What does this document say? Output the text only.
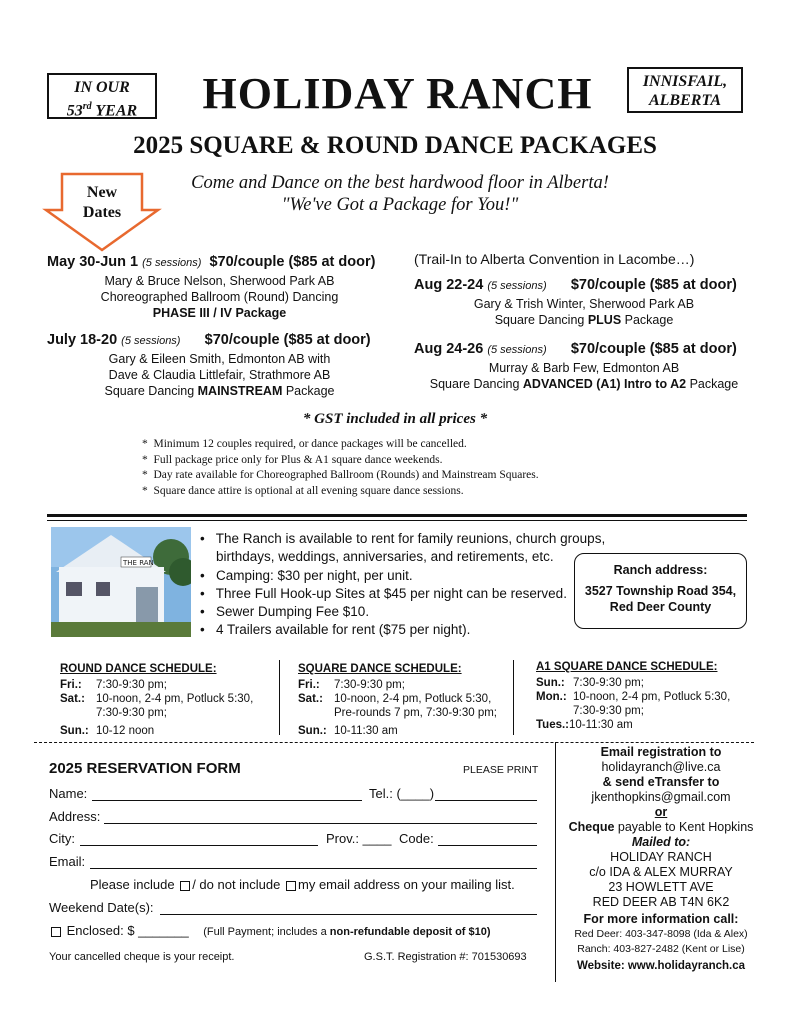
IN OUR
53rd YEAR	HOLIDAY RANCH	INNISFAIL,
ALBERTA
2025 SQUARE & ROUND DANCE PACKAGES
New
Dates
Come and Dance on the best hardwood floor in Alberta!
"We've Got a Package for You!"
May 30-Jun 1 (5 sessions) $70/couple ($85 at door)
Mary & Bruce Nelson, Sherwood Park AB
Choreographed Ballroom (Round) Dancing
PHASE III / IV Package
July 18-20 (5 sessions) $70/couple ($85 at door)
Gary & Eileen Smith, Edmonton AB with
Dave & Claudia Littlefair, Strathmore AB
Square Dancing MAINSTREAM Package
(Trail-In to Alberta Convention in Lacombe…)
Aug 22-24 (5 sessions) $70/couple ($85 at door)
Gary & Trish Winter, Sherwood Park AB
Square Dancing PLUS Package
Aug 24-26 (5 sessions) $70/couple ($85 at door)
Murray & Barb Few, Edmonton AB
Square Dancing ADVANCED (A1) Intro to A2 Package
* GST included in all prices *
*  Minimum 12 couples required, or dance packages will be cancelled.
*  Full package price only for Plus & A1 square dance weekends.
*  Day rate available for Choreographed Ballroom (Rounds) and Mainstream Squares.
*  Square dance attire is optional at all evening square dance sessions.
THE RAN
•   The Ranch is available to rent for family reunions, church groups,
birthdays, weddings, anniversaries, and retirements, etc.
•   Camping: $30 per night, per unit.
•   Three Full Hook-up Sites at $45 per night can be reserved.
•   Sewer Dumping Fee $10.
•   4 Trailers available for rent ($75 per night).
Ranch address:
3527 Township Road 354,
Red Deer County
ROUND DANCE SCHEDULE:
Fri.: 7:30-9:30 pm;
Sat.: 10-noon, 2-4 pm, Potluck 5:30,
7:30-9:30 pm;
Sun.: 10-12 noon
SQUARE DANCE SCHEDULE:
Fri.: 7:30-9:30 pm;
Sat.: 10-noon, 2-4 pm, Potluck 5:30,
Pre-rounds 7 pm, 7:30-9:30 pm;
Sun.: 10-11:30 am
A1 SQUARE DANCE SCHEDULE:
Sun.: 7:30-9:30 pm;
Mon.: 10-noon, 2-4 pm, Potluck 5:30,
7:30-9:30 pm;
Tues.:10-11:30 am
2025 RESERVATION FORM	PLEASE PRINT
Name:	Tel.: (____)
Address:
City:	Prov.: ____ Code:
Email:
Please include / do not include my email address on your mailing list.
Weekend Date(s):
Enclosed: $ _______ (Full Payment; includes a non-refundable deposit of $10)
Your cancelled cheque is your receipt.	G.S.T. Registration #: 701530693
Email registration to
holidayranch@live.ca
& send eTransfer to
jkenthopkins@gmail.com
or
Cheque payable to Kent Hopkins
Mailed to:
HOLIDAY RANCH
c/o IDA & ALEX MURRAY
23 HOWLETT AVE
RED DEER AB T4N 6K2
For more information call:
Red Deer: 403-347-8098 (Ida & Alex)
Ranch: 403-827-2482 (Kent or Lise)
Website: www.holidayranch.ca
